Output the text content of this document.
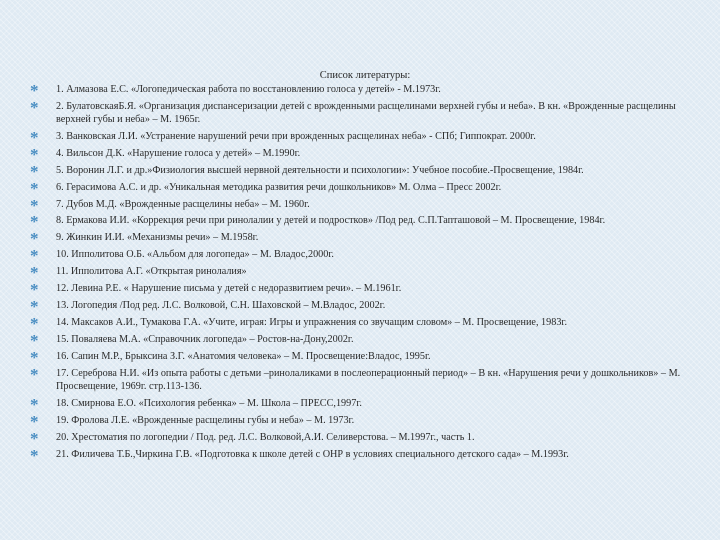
Список литературы:
* 1. Алмазова Е.С. «Логопедическая работа по восстановлению голоса у детей» - М.1973г.
* 2. БулатовскаяБ.Я. «Организация диспансеризации детей с врожденными расщелинами верхней губы и неба». В кн. «Врожденные расщелины верхней губы и неба» – М. 1965г.
* 3. Ванковская Л.И. «Устранение нарушений речи при врожденных расщелинах неба» - СПб; Гиппократ. 2000г.
* 4. Вильсон Д.К. «Нарушение голоса у детей» – М.1990г.
* 5. Воронин Л.Г. и др.»Физиология высшей нервной деятельности и психологии»: Учебное пособие.-Просвещение, 1984г.
* 6. Герасимова А.С. и др. «Уникальная методика развития речи дошкольников» М. Олма – Пресс 2002г.
* 7. Дубов М.Д. «Врожденные расщелины неба» – М. 1960г.
* 8. Ермакова И.И. «Коррекция речи при ринолалии у детей и подростков» /Под ред. С.П.Тапташовой – М. Просвещение, 1984г.
* 9. Жинкин И.И. «Механизмы речи» – М.1958г.
* 10. Ипполитова О.Б. «Альбом для логопеда» – М. Владос,2000г.
* 11. Ипполитова А.Г. «Открытая ринолалия»
* 12. Левина Р.Е. « Нарушение письма у детей с недоразвитием речи». – М.1961г.
* 13. Логопедия /Под ред. Л.С. Волковой, С.Н. Шаховской – М.Владос, 2002г.
* 14. Максаков А.И., Тумакова Г.А. «Учите, играя: Игры и упражнения со звучащим словом» – М. Просвещение, 1983г.
* 15. Поваляева М.А. «Справочник логопеда» – Ростов-на-Дону,2002г.
* 16. Сапин М.Р., Брыксина З.Г. «Анатомия человека» – М. Просвещение:Владос, 1995г.
* 17. Сереброва Н.И. «Из опыта работы с детьми –ринолаликами в послеоперационный период» – В кн. «Нарушения речи у дошкольников» – М. Просвещение, 1969г. стр.113-136.
* 18. Смирнова Е.О. «Психология ребенка» – М. Школа – ПРЕСС,1997г.
* 19. Фролова Л.Е. «Врожденные расщелины губы и неба» – М. 1973г.
* 20. Хрестоматия по логопедии / Под. ред. Л.С. Волковой,А.И. Селиверстова. – М.1997г., часть 1.
* 21. Филичева Т.Б.,Чиркина Г.В. «Подготовка к школе детей с ОНР в условиях специального детского сада» – М.1993г.
